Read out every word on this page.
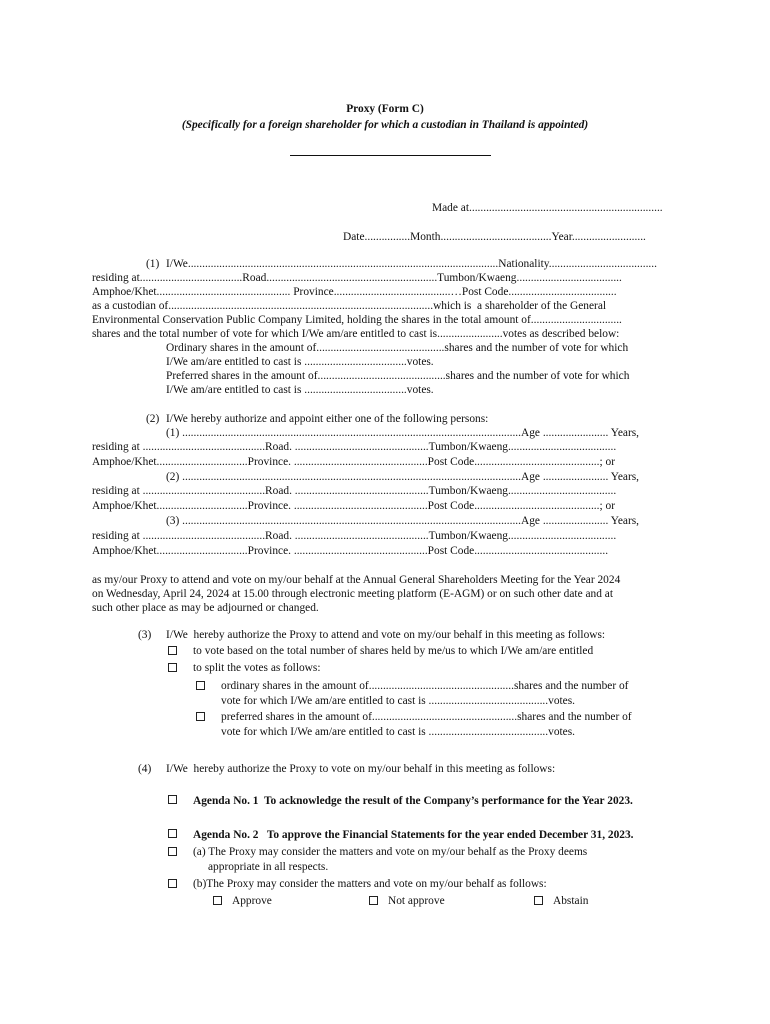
Proxy (Form C)
(Specifically for a foreign shareholder for which a custodian in Thailand is appointed)
Made at....................................................................
Date................Month.......................................Year..........................
(1) I/We.............................................................................................................Nationality......................................
residing at....................................Road............................................................Tumbon/Kwaeng.....................................
Amphoe/Khet............................................... Province.........................................…Post Code......................................
as a custodian of.............................................................................................which is  a shareholder of the General
Environmental Conservation Public Company Limited, holding the shares in the total amount of................................
shares and the total number of vote for which I/We am/are entitled to cast is.......................votes as described below:
Ordinary shares in the amount of.............................................shares and the number of vote for which
I/We am/are entitled to cast is ....................................votes.
Preferred shares in the amount of.............................................shares and the number of vote for which
I/We am/are entitled to cast is ....................................votes.
(2) I/We hereby authorize and appoint either one of the following persons:
(1) .......................................................................................................................Age ....................... Years,
residing at ...........................................Road. ...............................................Tumbon/Kwaeng......................................
Amphoe/Khet................................Province. ...............................................Post Code............................................; or
(2) .......................................................................................................................Age ....................... Years,
residing at ...........................................Road. ...............................................Tumbon/Kwaeng......................................
Amphoe/Khet................................Province. ...............................................Post Code............................................; or
(3) .......................................................................................................................Age ....................... Years,
residing at ...........................................Road. ...............................................Tumbon/Kwaeng......................................
Amphoe/Khet................................Province. ...............................................Post Code...............................................
as my/our Proxy to attend and vote on my/our behalf at the Annual General Shareholders Meeting for the Year 2024
on Wednesday, April 24, 2024 at 15.00 through electronic meeting platform (E-AGM) or on such other date and at
such other place as may be adjourned or changed.
(3) I/We  hereby authorize the Proxy to attend and vote on my/our behalf in this meeting as follows:
to vote based on the total number of shares held by me/us to which I/We am/are entitled
to split the votes as follows:
ordinary shares in the amount of...................................................shares and the number of
vote for which I/We am/are entitled to cast is ..........................................votes.
preferred shares in the amount of...................................................shares and the number of
vote for which I/We am/are entitled to cast is ..........................................votes.
(4) I/We  hereby authorize the Proxy to vote on my/our behalf in this meeting as follows:
Agenda No. 1  To acknowledge the result of the Company’s performance for the Year 2023.
Agenda No. 2   To approve the Financial Statements for the year ended December 31, 2023.
(a) The Proxy may consider the matters and vote on my/our behalf as the Proxy deems
appropriate in all respects.
(b)The Proxy may consider the matters and vote on my/our behalf as follows:
Approve	Not approve	Abstain
